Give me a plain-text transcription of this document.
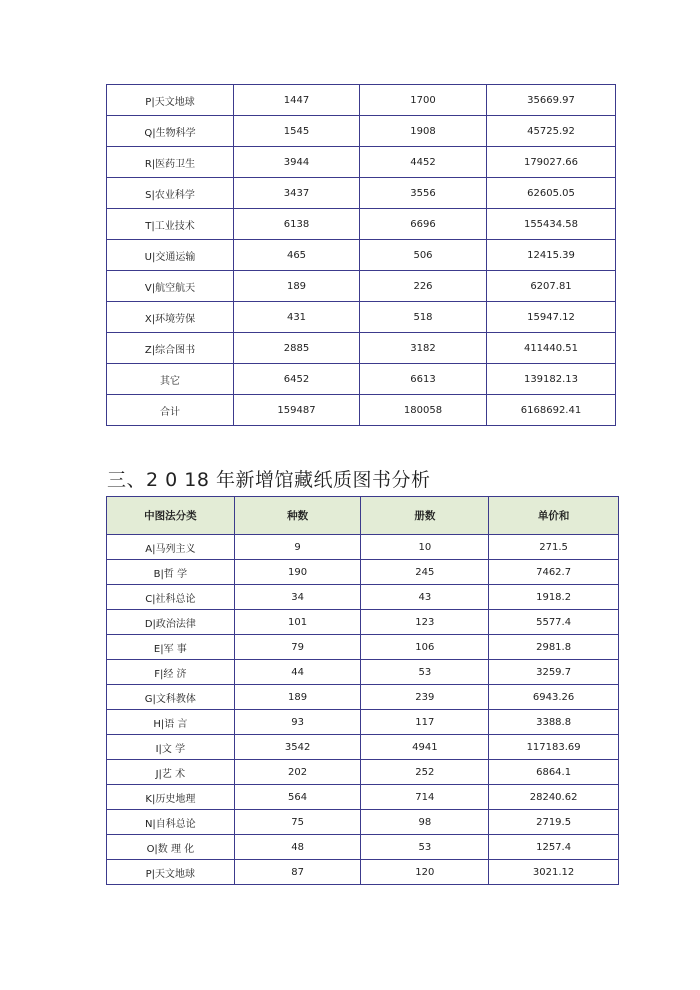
P|天文地球	1447	1700	35669.97
Q|生物科学	1545	1908	45725.92
R|医药卫生	3944	4452	179027.66
S|农业科学	3437	3556	62605.05
T|工业技术	6138	6696	155434.58
U|交通运输	465	506	12415.39
V|航空航天	189	226	6207.81
X|环境劳保	431	518	15947.12
Z|综合图书	2885	3182	411440.51
其它	6452	6613	139182.13
合计	159487	180058	6168692.41
三、2 0 18 年新增馆藏纸质图书分析
中图法分类	种数	册数	单价和
A|马列主义	9	10	271.5
B|哲 学	190	245	7462.7
C|社科总论	34	43	1918.2
D|政治法律	101	123	5577.4
E|军 事	79	106	2981.8
F|经 济	44	53	3259.7
G|文科教体	189	239	6943.26
H|语 言	93	117	3388.8
I|文 学	3542	4941	117183.69
J|艺 术	202	252	6864.1
K|历史地理	564	714	28240.62
N|自科总论	75	98	2719.5
O|数 理 化	48	53	1257.4
P|天文地球	87	120	3021.12
